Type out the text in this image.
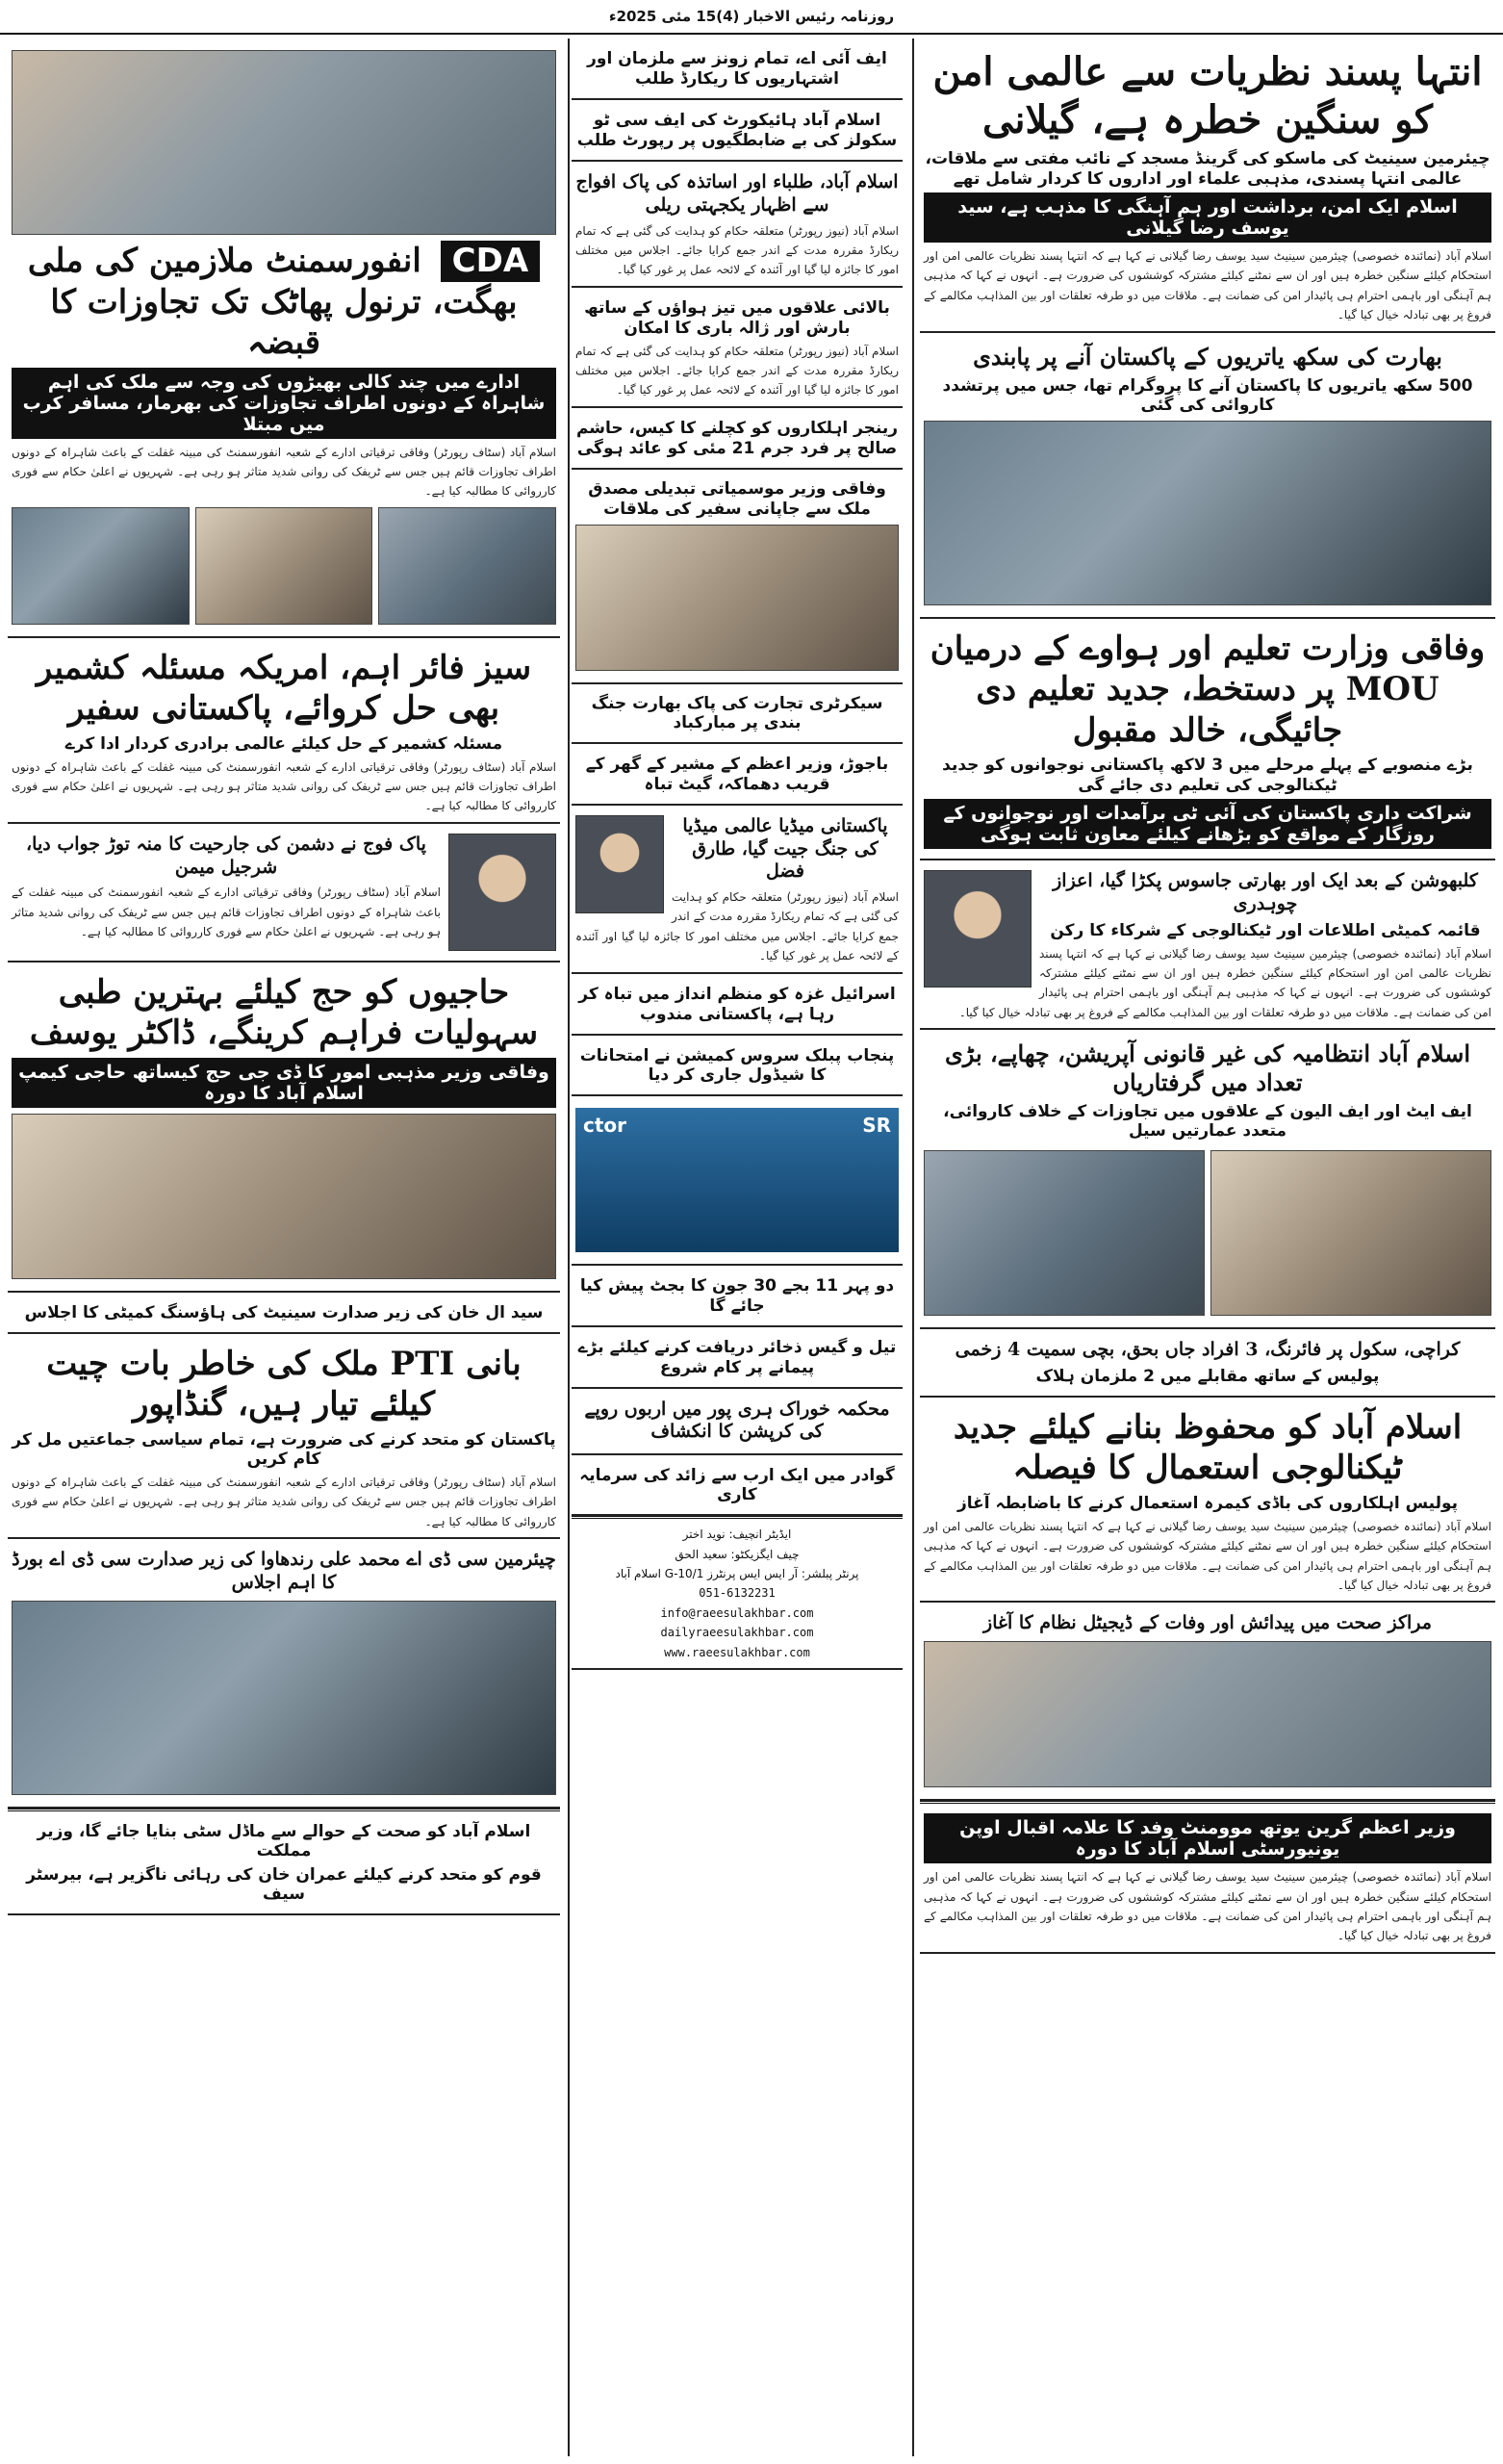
روزنامہ رئیس الاخبار (4)15 مئی 2025ء
انتہا پسند نظریات سے عالمی امن کو سنگین خطرہ ہے، گیلانی
چیئرمین سینیٹ کی ماسکو کی گرینڈ مسجد کے نائب مفتی سے ملاقات، عالمی انتہا پسندی، مذہبی علماء اور اداروں کا کردار شامل تھے
اسلام ایک امن، برداشت اور ہم آہنگی کا مذہب ہے، سید یوسف رضا گیلانی
اسلام آباد (نمائندہ خصوصی) چیئرمین سینیٹ سید یوسف رضا گیلانی نے کہا ہے کہ انتہا پسند نظریات عالمی امن اور استحکام کیلئے سنگین خطرہ ہیں اور ان سے نمٹنے کیلئے مشترکہ کوششوں کی ضرورت ہے۔ انہوں نے کہا کہ مذہبی ہم آہنگی اور باہمی احترام ہی پائیدار امن کی ضمانت ہے۔ ملاقات میں دو طرفہ تعلقات اور بین المذاہب مکالمے کے فروغ پر بھی تبادلہ خیال کیا گیا۔
بھارت کی سکھ یاتریوں کے پاکستان آنے پر پابندی
500 سکھ یاتریوں کا پاکستان آنے کا پروگرام تھا، جس میں پرتشدد کاروائی کی گئی
وفاقی وزارت تعلیم اور ہواوے کے درمیان MOU پر دستخط، جدید تعلیم دی جائیگی، خالد مقبول
بڑے منصوبے کے پہلے مرحلے میں 3 لاکھ پاکستانی نوجوانوں کو جدید ٹیکنالوجی کی تعلیم دی جائے گی
شراکت داری پاکستان کی آئی ٹی برآمدات اور نوجوانوں کے روزگار کے مواقع کو بڑھانے کیلئے معاون ثابت ہوگی
کلبھوشن کے بعد ایک اور بھارتی جاسوس پکڑا گیا، اعزاز چوہدری
قائمہ کمیٹی اطلاعات اور ٹیکنالوجی کے شرکاء کا رکن
اسلام آباد (نمائندہ خصوصی) چیئرمین سینیٹ سید یوسف رضا گیلانی نے کہا ہے کہ انتہا پسند نظریات عالمی امن اور استحکام کیلئے سنگین خطرہ ہیں اور ان سے نمٹنے کیلئے مشترکہ کوششوں کی ضرورت ہے۔ انہوں نے کہا کہ مذہبی ہم آہنگی اور باہمی احترام ہی پائیدار امن کی ضمانت ہے۔ ملاقات میں دو طرفہ تعلقات اور بین المذاہب مکالمے کے فروغ پر بھی تبادلہ خیال کیا گیا۔
اسلام آباد انتظامیہ کی غیر قانونی آپریشن، چھاپے، بڑی تعداد میں گرفتاریاں
ایف ایٹ اور ایف الیون کے علاقوں میں تجاوزات کے خلاف کاروائی، متعدد عمارتیں سیل
کراچی، سکول پر فائرنگ، 3 افراد جاں بحق، بچی سمیت 4 زخمی
پولیس کے ساتھ مقابلے میں 2 ملزمان ہلاک
اسلام آباد کو محفوظ بنانے کیلئے جدید ٹیکنالوجی استعمال کا فیصلہ
پولیس اہلکاروں کی باڈی کیمرہ استعمال کرنے کا باضابطہ آغاز
اسلام آباد (نمائندہ خصوصی) چیئرمین سینیٹ سید یوسف رضا گیلانی نے کہا ہے کہ انتہا پسند نظریات عالمی امن اور استحکام کیلئے سنگین خطرہ ہیں اور ان سے نمٹنے کیلئے مشترکہ کوششوں کی ضرورت ہے۔ انہوں نے کہا کہ مذہبی ہم آہنگی اور باہمی احترام ہی پائیدار امن کی ضمانت ہے۔ ملاقات میں دو طرفہ تعلقات اور بین المذاہب مکالمے کے فروغ پر بھی تبادلہ خیال کیا گیا۔
مراکز صحت میں پیدائش اور وفات کے ڈیجیٹل نظام کا آغاز
وزیر اعظم گرین یوتھ موومنٹ وفد کا علامہ اقبال اوپن یونیورسٹی اسلام آباد کا دورہ
اسلام آباد (نمائندہ خصوصی) چیئرمین سینیٹ سید یوسف رضا گیلانی نے کہا ہے کہ انتہا پسند نظریات عالمی امن اور استحکام کیلئے سنگین خطرہ ہیں اور ان سے نمٹنے کیلئے مشترکہ کوششوں کی ضرورت ہے۔ انہوں نے کہا کہ مذہبی ہم آہنگی اور باہمی احترام ہی پائیدار امن کی ضمانت ہے۔ ملاقات میں دو طرفہ تعلقات اور بین المذاہب مکالمے کے فروغ پر بھی تبادلہ خیال کیا گیا۔
ایف آئی اے، تمام زونز سے ملزمان اور اشتہاریوں کا ریکارڈ طلب
اسلام آباد ہائیکورٹ کی ایف سی ٹو سکولز کی بے ضابطگیوں پر رپورٹ طلب
اسلام آباد، طلباء اور اساتذہ کی پاک افواج سے اظہار یکجہتی ریلی
اسلام آباد (نیوز رپورٹر) متعلقہ حکام کو ہدایت کی گئی ہے کہ تمام ریکارڈ مقررہ مدت کے اندر جمع کرایا جائے۔ اجلاس میں مختلف امور کا جائزہ لیا گیا اور آئندہ کے لائحہ عمل پر غور کیا گیا۔
بالائی علاقوں میں تیز ہواؤں کے ساتھ بارش اور ژالہ باری کا امکان
اسلام آباد (نیوز رپورٹر) متعلقہ حکام کو ہدایت کی گئی ہے کہ تمام ریکارڈ مقررہ مدت کے اندر جمع کرایا جائے۔ اجلاس میں مختلف امور کا جائزہ لیا گیا اور آئندہ کے لائحہ عمل پر غور کیا گیا۔
رینجر اہلکاروں کو کچلنے کا کیس، حاشم صالح پر فرد جرم 21 مئی کو عائد ہوگی
وفاقی وزیر موسمیاتی تبدیلی مصدق ملک سے جاپانی سفیر کی ملاقات
سیکرٹری تجارت کی پاک بھارت جنگ بندی پر مبارکباد
باجوڑ، وزیر اعظم کے مشیر کے گھر کے قریب دھماکہ، گیٹ تباہ
پاکستانی میڈیا عالمی میڈیا کی جنگ جیت گیا، طارق فضل
اسلام آباد (نیوز رپورٹر) متعلقہ حکام کو ہدایت کی گئی ہے کہ تمام ریکارڈ مقررہ مدت کے اندر جمع کرایا جائے۔ اجلاس میں مختلف امور کا جائزہ لیا گیا اور آئندہ کے لائحہ عمل پر غور کیا گیا۔
اسرائیل غزہ کو منظم انداز میں تباہ کر رہا ہے، پاکستانی مندوب
پنجاب پبلک سروس کمیشن نے امتحانات کا شیڈول جاری کر دیا
ctor	SR
دو پہر 11 بجے 30 جون کا بجٹ پیش کیا جائے گا
تیل و گیس ذخائر دریافت کرنے کیلئے بڑے پیمانے پر کام شروع
محکمہ خوراک ہری پور میں اربوں روپے کی کرپشن کا انکشاف
گوادر میں ایک ارب سے زائد کی سرمایہ کاری
ایڈیٹر انچیف: نوید اختر
چیف ایگزیکٹو: سعید الحق
پرنٹر پبلشر: آر ایس ایس پرنٹرز G-10/1 اسلام آباد
051-6132231
info@raeesulakhbar.com
dailyraeesulakhbar.com
www.raeesulakhbar.com
CDA انفورسمنٹ ملازمین کی ملی بھگت، ترنول پھاٹک تک تجاوزات کا قبضہ
ادارے میں چند کالی بھیڑوں کی وجہ سے ملک کی اہم شاہراہ کے دونوں اطراف تجاوزات کی بھرمار، مسافر کرب میں مبتلا
اسلام آباد (سٹاف رپورٹر) وفاقی ترقیاتی ادارے کے شعبہ انفورسمنٹ کی مبینہ غفلت کے باعث شاہراہ کے دونوں اطراف تجاوزات قائم ہیں جس سے ٹریفک کی روانی شدید متاثر ہو رہی ہے۔ شہریوں نے اعلیٰ حکام سے فوری کارروائی کا مطالبہ کیا ہے۔
سیز فائر اہم، امریکہ مسئلہ کشمیر بھی حل کروائے، پاکستانی سفیر
مسئلہ کشمیر کے حل کیلئے عالمی برادری کردار ادا کرے
اسلام آباد (سٹاف رپورٹر) وفاقی ترقیاتی ادارے کے شعبہ انفورسمنٹ کی مبینہ غفلت کے باعث شاہراہ کے دونوں اطراف تجاوزات قائم ہیں جس سے ٹریفک کی روانی شدید متاثر ہو رہی ہے۔ شہریوں نے اعلیٰ حکام سے فوری کارروائی کا مطالبہ کیا ہے۔
پاک فوج نے دشمن کی جارحیت کا منہ توڑ جواب دیا، شرجیل میمن
اسلام آباد (سٹاف رپورٹر) وفاقی ترقیاتی ادارے کے شعبہ انفورسمنٹ کی مبینہ غفلت کے باعث شاہراہ کے دونوں اطراف تجاوزات قائم ہیں جس سے ٹریفک کی روانی شدید متاثر ہو رہی ہے۔ شہریوں نے اعلیٰ حکام سے فوری کارروائی کا مطالبہ کیا ہے۔
حاجیوں کو حج کیلئے بہترین طبی سہولیات فراہم کرینگے، ڈاکٹر یوسف
وفاقی وزیر مذہبی امور کا ڈی جی حج کیساتھ حاجی کیمپ اسلام آباد کا دورہ
سید ال خان کی زیر صدارت سینیٹ کی ہاؤسنگ کمیٹی کا اجلاس
بانی PTI ملک کی خاطر بات چیت کیلئے تیار ہیں، گنڈاپور
پاکستان کو متحد کرنے کی ضرورت ہے، تمام سیاسی جماعتیں مل کر کام کریں
اسلام آباد (سٹاف رپورٹر) وفاقی ترقیاتی ادارے کے شعبہ انفورسمنٹ کی مبینہ غفلت کے باعث شاہراہ کے دونوں اطراف تجاوزات قائم ہیں جس سے ٹریفک کی روانی شدید متاثر ہو رہی ہے۔ شہریوں نے اعلیٰ حکام سے فوری کارروائی کا مطالبہ کیا ہے۔
چیئرمین سی ڈی اے محمد علی رندھاوا کی زیر صدارت سی ڈی اے بورڈ کا اہم اجلاس
اسلام آباد کو صحت کے حوالے سے ماڈل سٹی بنایا جائے گا، وزیر مملکت
قوم کو متحد کرنے کیلئے عمران خان کی رہائی ناگزیر ہے، بیرسٹر سیف
